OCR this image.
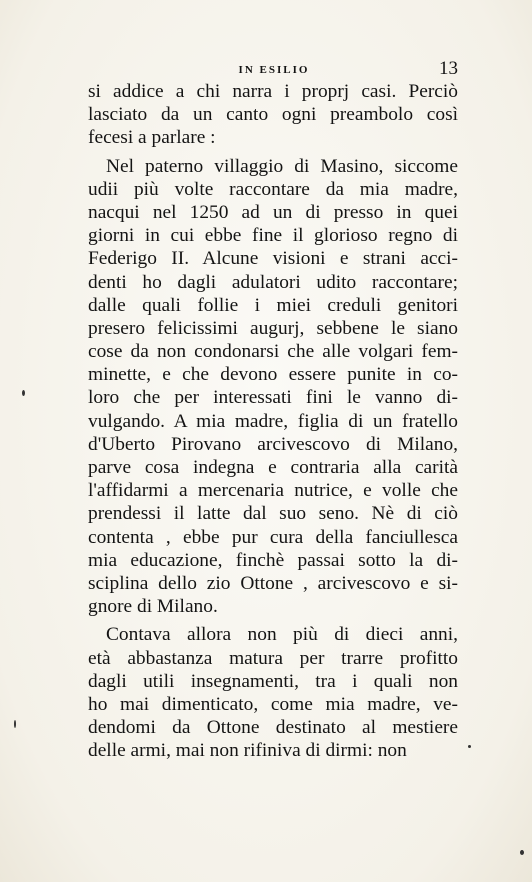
IN ESILIO	13
si addice a chi narra i proprj casi. Perciò
lasciato da un canto ogni preambolo così
fecesi a parlare :
Nel paterno villaggio di Masino, siccome
udii più volte raccontare da mia madre,
nacqui nel 1250 ad un di presso in quei
giorni in cui ebbe fine il glorioso regno di
Federigo II. Alcune visioni e strani acci-
denti ho dagli adulatori udito raccontare;
dalle quali follie i miei creduli genitori
presero felicissimi augurj, sebbene le siano
cose da non condonarsi che alle volgari fem-
minette, e che devono essere punite in co-
loro che per interessati fini le vanno di-
vulgando. A mia madre, figlia di un fratello
d'Uberto Pirovano arcivescovo di Milano,
parve cosa indegna e contraria alla carità
l'affidarmi a mercenaria nutrice, e volle che
prendessi il latte dal suo seno. Nè di ciò
contenta , ebbe pur cura della fanciullesca
mia educazione, finchè passai sotto la di-
sciplina dello zio Ottone , arcivescovo e si-
gnore di Milano.
Contava allora non più di dieci anni,
età abbastanza matura per trarre profitto
dagli utili insegnamenti, tra i quali non
ho mai dimenticato, come mia madre, ve-
dendomi da Ottone destinato al mestiere
delle armi, mai non rifiniva di dirmi: non
